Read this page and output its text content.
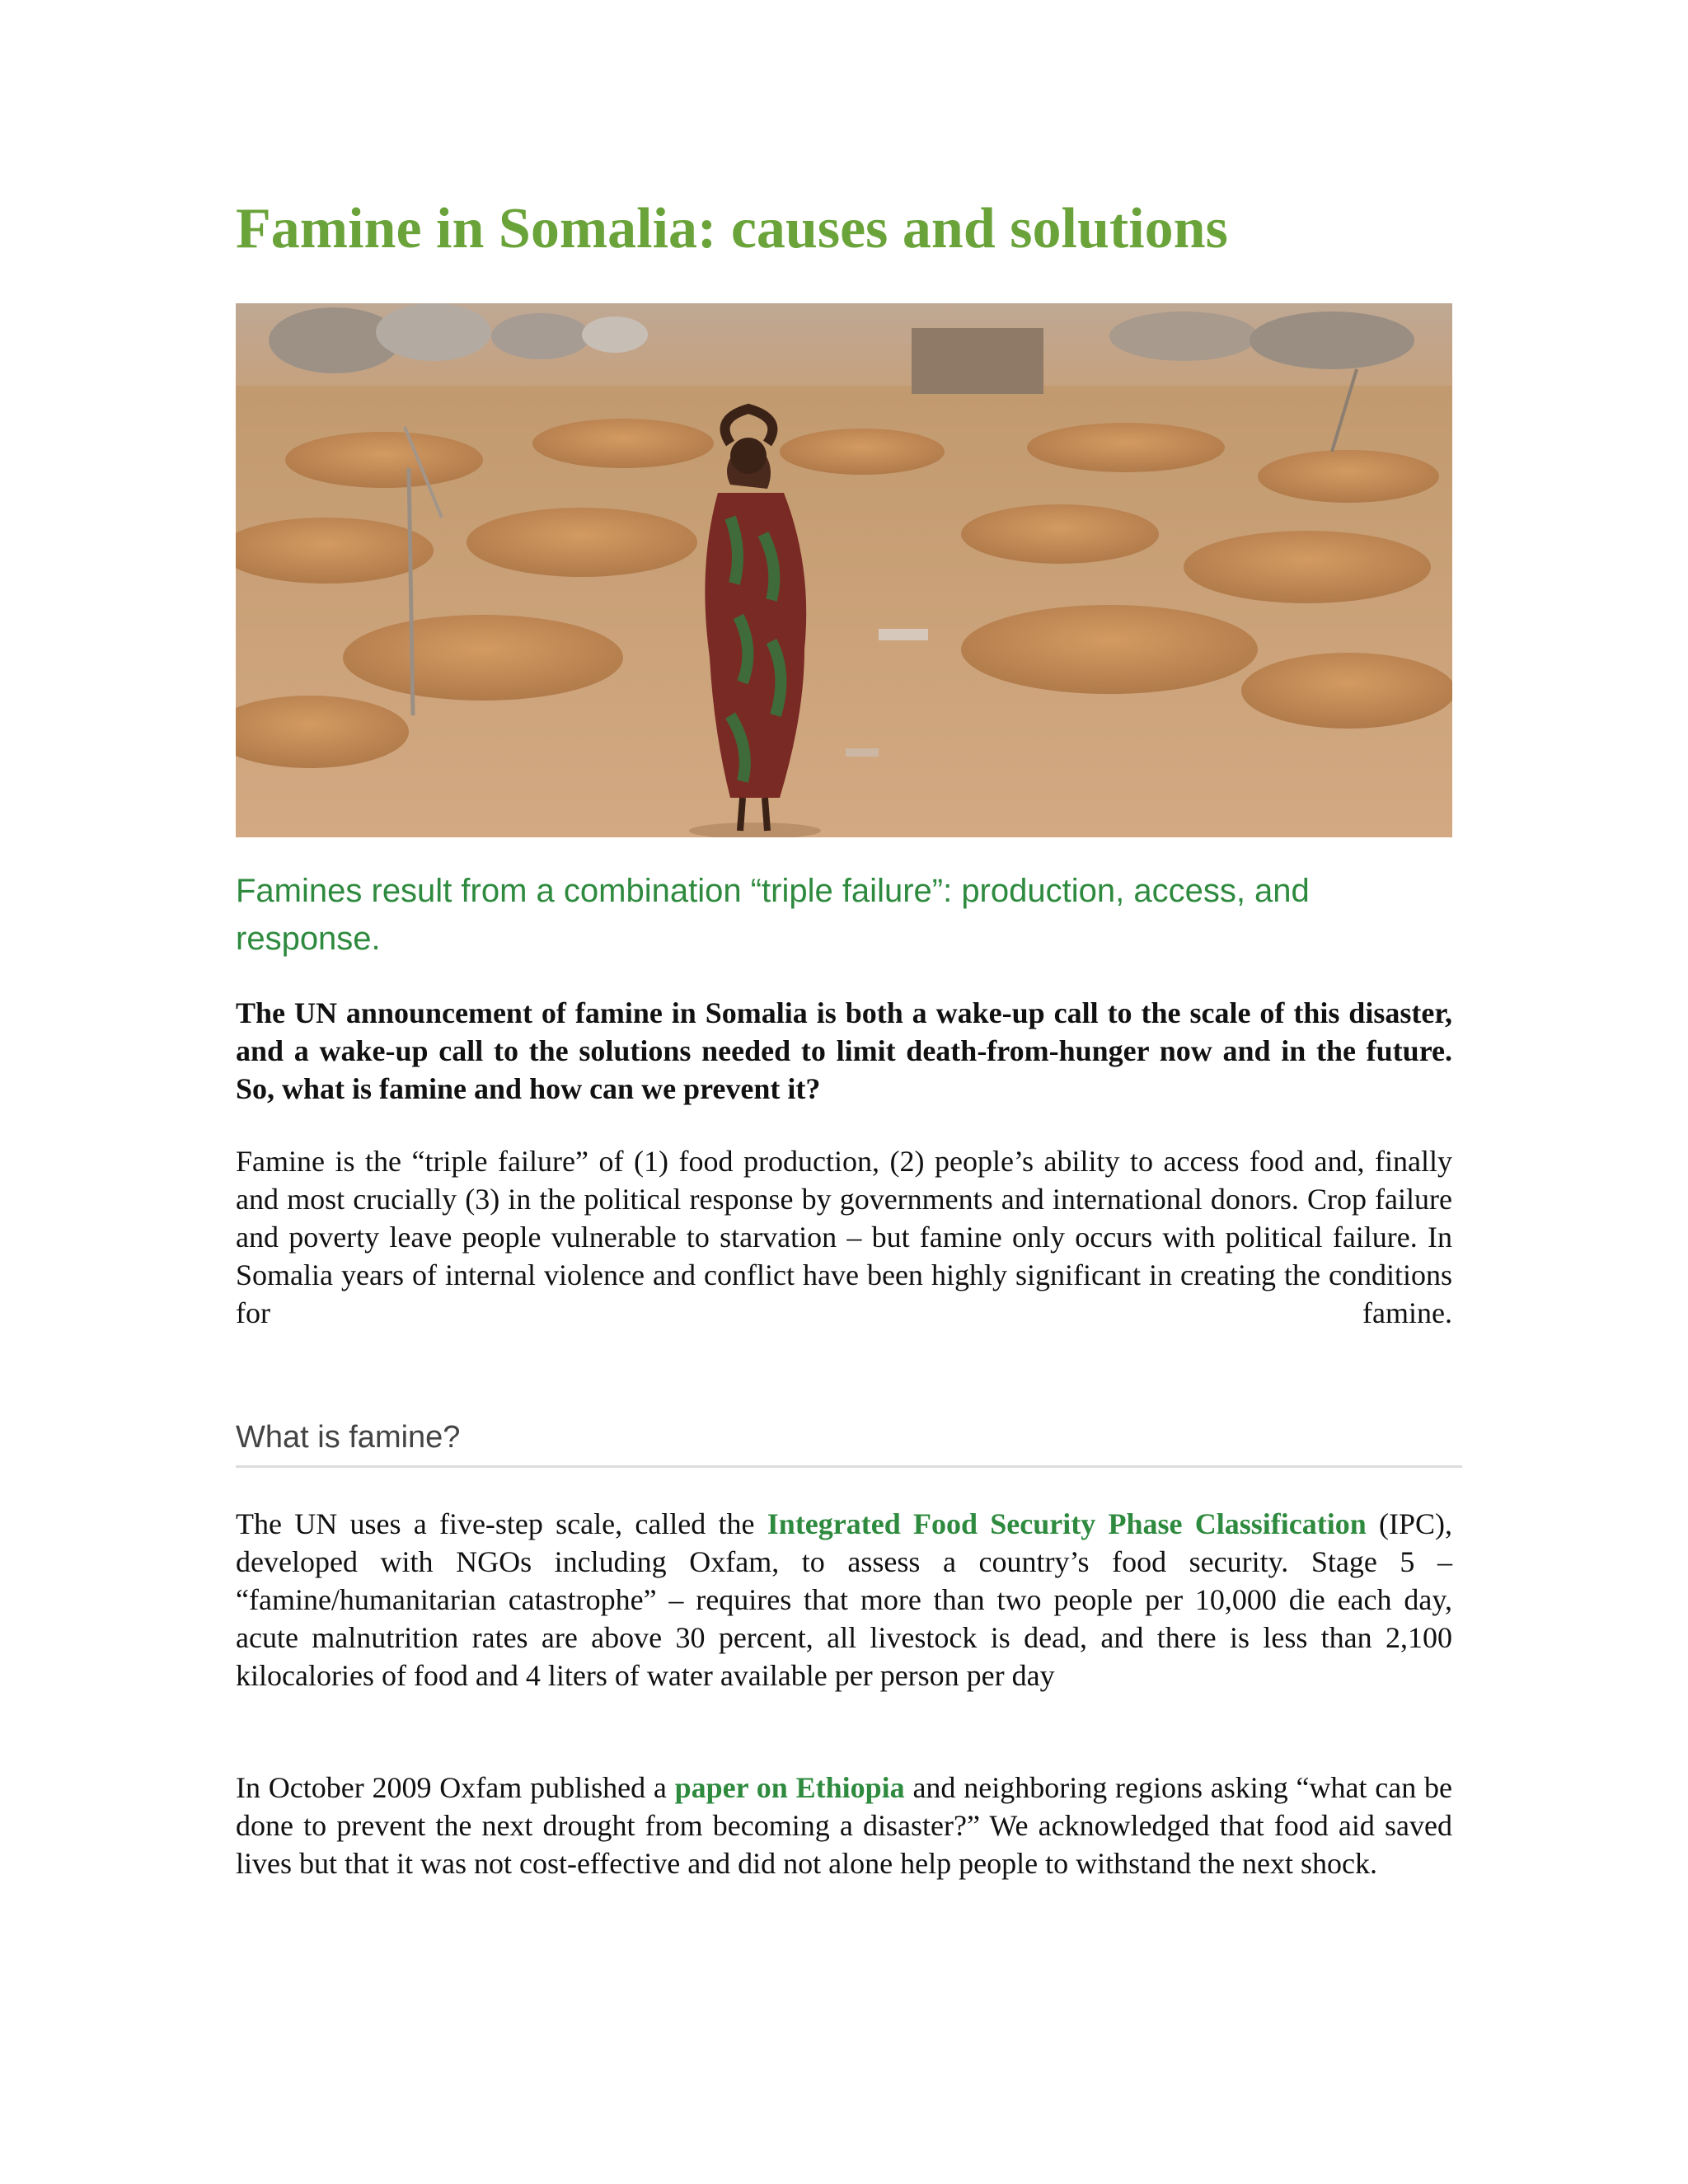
Famine in Somalia: causes and solutions
Famines result from a combination “triple failure”: production, access, and response.

The UN announcement of famine in Somalia is both a wake-up call to the scale of this disaster, and a wake-up call to the solutions needed to limit death-from-hunger now and in the future. So, what is famine and how can we prevent it?

Famine is the “triple failure” of (1) food production, (2) people’s ability to access food and, finally and most crucially (3) in the political response by governments and international donors. Crop failure and poverty leave people vulnerable to starvation – but famine only occurs with political failure. In Somalia years of internal violence and conflict have been highly significant in creating the conditions for famine.

What is famine?

The UN uses a five-step scale, called the Integrated Food Security Phase Classification (IPC), developed with NGOs including Oxfam, to assess a country’s food security. Stage 5 – “famine/humanitarian catastrophe” – requires that more than two people per 10,000 die each day, acute malnutrition rates are above 30 percent, all livestock is dead, and there is less than 2,100 kilocalories of food and 4 liters of water available per person per day

In October 2009 Oxfam published a paper on Ethiopia and neighboring regions asking “what can be done to prevent the next drought from becoming a disaster?” We acknowledged that food aid saved lives but that it was not cost-effective and did not alone help people to withstand the next shock.
